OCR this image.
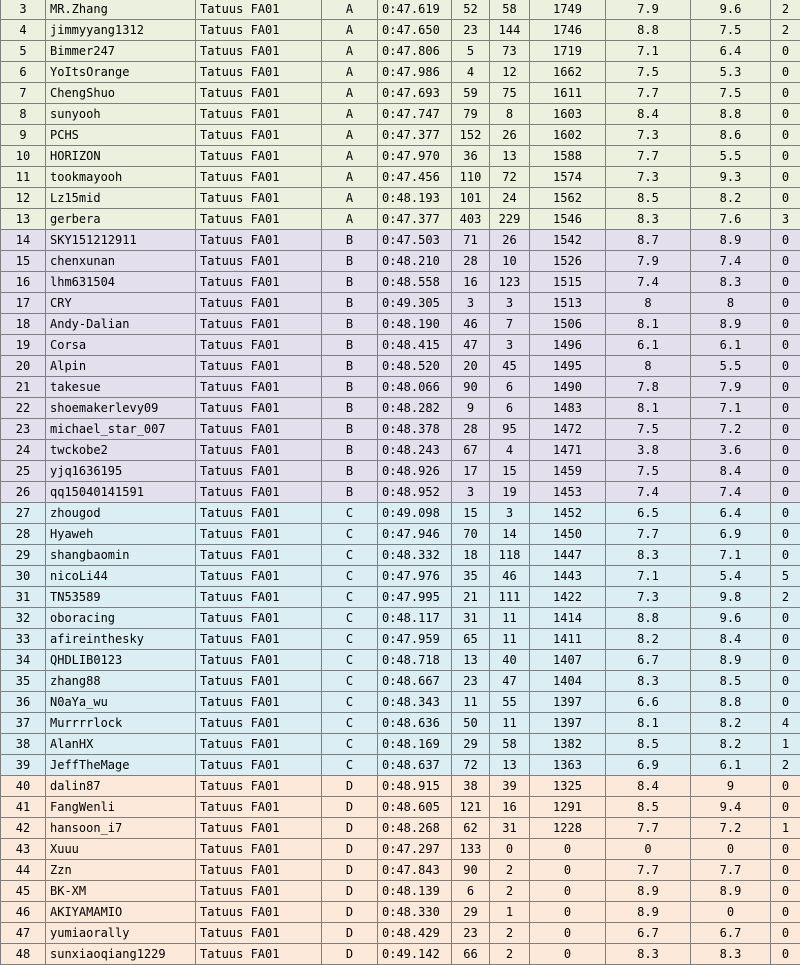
3	MR.Zhang	Tatuus FA01	A	0:47.619	52	58	1749	7.9	9.6	2
4	jimmyyang1312	Tatuus FA01	A	0:47.650	23	144	1746	8.8	7.5	2
5	Bimmer247	Tatuus FA01	A	0:47.806	5	73	1719	7.1	6.4	0
6	YoItsOrange	Tatuus FA01	A	0:47.986	4	12	1662	7.5	5.3	0
7	ChengShuo	Tatuus FA01	A	0:47.693	59	75	1611	7.7	7.5	0
8	sunyooh	Tatuus FA01	A	0:47.747	79	8	1603	8.4	8.8	0
9	PCHS	Tatuus FA01	A	0:47.377	152	26	1602	7.3	8.6	0
10	HORIZON	Tatuus FA01	A	0:47.970	36	13	1588	7.7	5.5	0
11	tookmayooh	Tatuus FA01	A	0:47.456	110	72	1574	7.3	9.3	0
12	Lz15mid	Tatuus FA01	A	0:48.193	101	24	1562	8.5	8.2	0
13	gerbera	Tatuus FA01	A	0:47.377	403	229	1546	8.3	7.6	3
14	SKY151212911	Tatuus FA01	B	0:47.503	71	26	1542	8.7	8.9	0
15	chenxunan	Tatuus FA01	B	0:48.210	28	10	1526	7.9	7.4	0
16	lhm631504	Tatuus FA01	B	0:48.558	16	123	1515	7.4	8.3	0
17	CRY	Tatuus FA01	B	0:49.305	3	3	1513	8	8	0
18	Andy-Dalian	Tatuus FA01	B	0:48.190	46	7	1506	8.1	8.9	0
19	Corsa	Tatuus FA01	B	0:48.415	47	3	1496	6.1	6.1	0
20	Alpin	Tatuus FA01	B	0:48.520	20	45	1495	8	5.5	0
21	takesue	Tatuus FA01	B	0:48.066	90	6	1490	7.8	7.9	0
22	shoemakerlevy09	Tatuus FA01	B	0:48.282	9	6	1483	8.1	7.1	0
23	michael_star_007	Tatuus FA01	B	0:48.378	28	95	1472	7.5	7.2	0
24	twckobe2	Tatuus FA01	B	0:48.243	67	4	1471	3.8	3.6	0
25	yjq1636195	Tatuus FA01	B	0:48.926	17	15	1459	7.5	8.4	0
26	qq15040141591	Tatuus FA01	B	0:48.952	3	19	1453	7.4	7.4	0
27	zhougod	Tatuus FA01	C	0:49.098	15	3	1452	6.5	6.4	0
28	Hyaweh	Tatuus FA01	C	0:47.946	70	14	1450	7.7	6.9	0
29	shangbaomin	Tatuus FA01	C	0:48.332	18	118	1447	8.3	7.1	0
30	nicoLi44	Tatuus FA01	C	0:47.976	35	46	1443	7.1	5.4	5
31	TN53589	Tatuus FA01	C	0:47.995	21	111	1422	7.3	9.8	2
32	oboracing	Tatuus FA01	C	0:48.117	31	11	1414	8.8	9.6	0
33	afireinthesky	Tatuus FA01	C	0:47.959	65	11	1411	8.2	8.4	0
34	QHDLIB0123	Tatuus FA01	C	0:48.718	13	40	1407	6.7	8.9	0
35	zhang88	Tatuus FA01	C	0:48.667	23	47	1404	8.3	8.5	0
36	N0aYa_wu	Tatuus FA01	C	0:48.343	11	55	1397	6.6	8.8	0
37	Murrrrlock	Tatuus FA01	C	0:48.636	50	11	1397	8.1	8.2	4
38	AlanHX	Tatuus FA01	C	0:48.169	29	58	1382	8.5	8.2	1
39	JeffTheMage	Tatuus FA01	C	0:48.637	72	13	1363	6.9	6.1	2
40	dalin87	Tatuus FA01	D	0:48.915	38	39	1325	8.4	9	0
41	FangWenli	Tatuus FA01	D	0:48.605	121	16	1291	8.5	9.4	0
42	hansoon_i7	Tatuus FA01	D	0:48.268	62	31	1228	7.7	7.2	1
43	Xuuu	Tatuus FA01	D	0:47.297	133	0	0	0	0	0
44	Zzn	Tatuus FA01	D	0:47.843	90	2	0	7.7	7.7	0
45	BK-XM	Tatuus FA01	D	0:48.139	6	2	0	8.9	8.9	0
46	AKIYAMAMIO	Tatuus FA01	D	0:48.330	29	1	0	8.9	0	0
47	yumiaorally	Tatuus FA01	D	0:48.429	23	2	0	6.7	6.7	0
48	sunxiaoqiang1229	Tatuus FA01	D	0:49.142	66	2	0	8.3	8.3	0
